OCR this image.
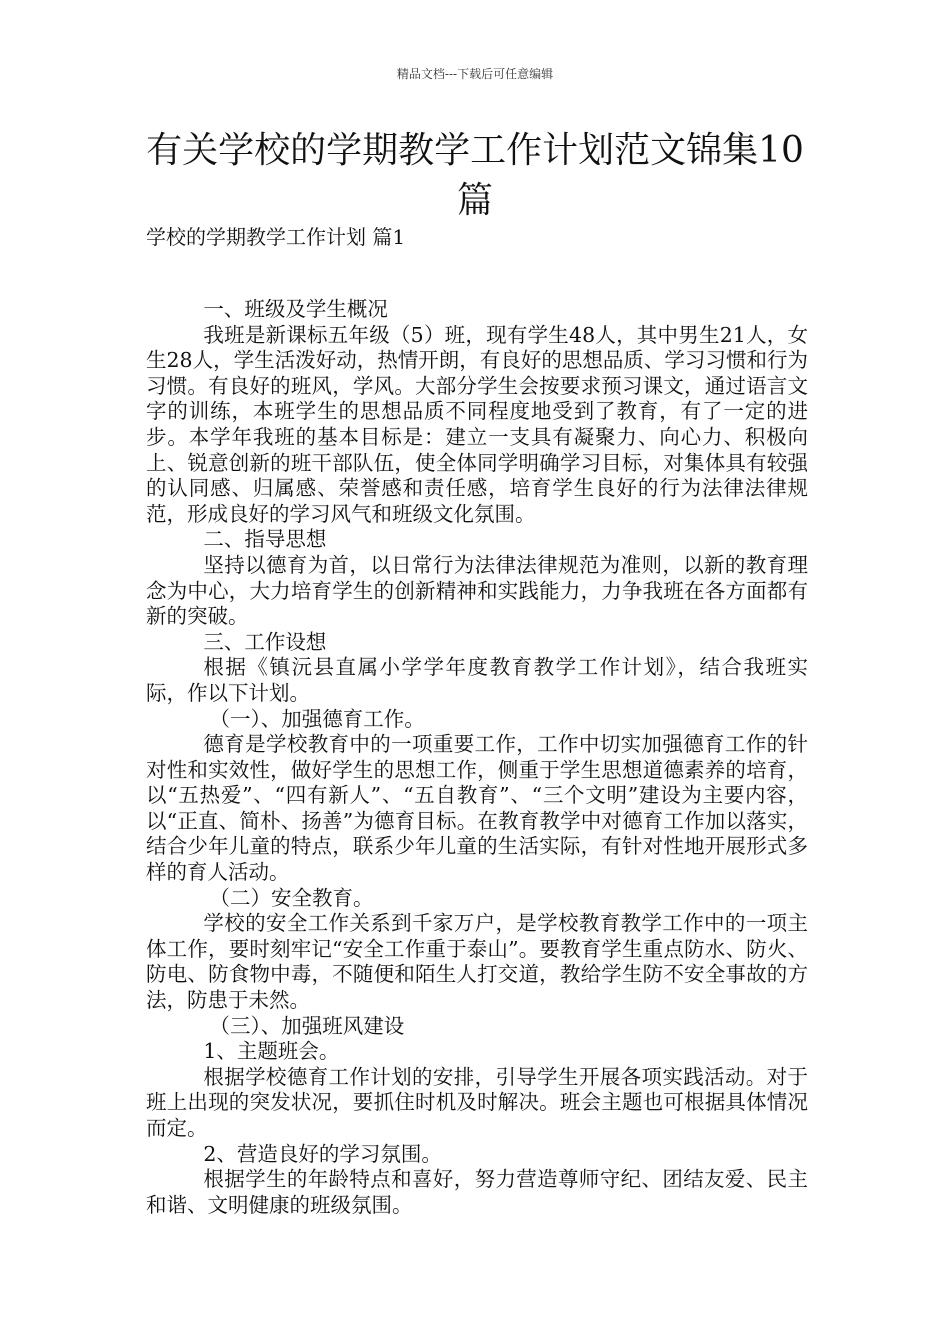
精品文档---下载后可任意编辑
有关学校的学期教学工作计划范文锦集10篇
学校的学期教学工作计划 篇1

一、班级及学生概况

我班是新课标五年级（5）班，现有学生48人，其中男生21人，女生28人，学生活泼好动，热情开朗，有良好的思想品质、学习习惯和行为习惯。有良好的班风，学风。大部分学生会按要求预习课文，通过语言文字的训练，本班学生的思想品质不同程度地受到了教育，有了一定的进步。本学年我班的基本目标是：建立一支具有凝聚力、向心力、积极向上、锐意创新的班干部队伍，使全体同学明确学习目标，对集体具有较强的认同感、归属感、荣誉感和责任感，培育学生良好的行为法律法律规范，形成良好的学习风气和班级文化氛围。

二、指导思想

坚持以德育为首，以日常行为法律法律规范为准则，以新的教育理念为中心，大力培育学生的创新精神和实践能力，力争我班在各方面都有新的突破。

三、工作设想

根据《镇沅县直属小学学年度教育教学工作计划》，结合我班实际，作以下计划。

（一）、加强德育工作。

德育是学校教育中的一项重要工作，工作中切实加强德育工作的针对性和实效性，做好学生的思想工作，侧重于学生思想道德素养的培育，以“五热爱”、“四有新人”、“五自教育”、“三个文明”建设为主要内容，以“正直、简朴、扬善”为德育目标。在教育教学中对德育工作加以落实，结合少年儿童的特点，联系少年儿童的生活实际，有针对性地开展形式多样的育人活动。

（二）安全教育。

学校的安全工作关系到千家万户，是学校教育教学工作中的一项主体工作，要时刻牢记“安全工作重于泰山”。要教育学生重点防水、防火、防电、防食物中毒，不随便和陌生人打交道，教给学生防不安全事故的方法，防患于未然。

（三）、加强班风建设

1、主题班会。

根据学校德育工作计划的安排，引导学生开展各项实践活动。对于班上出现的突发状况，要抓住时机及时解决。班会主题也可根据具体情况而定。

2、营造良好的学习氛围。

根据学生的年龄特点和喜好，努力营造尊师守纪、团结友爱、民主和谐、文明健康的班级氛围。
